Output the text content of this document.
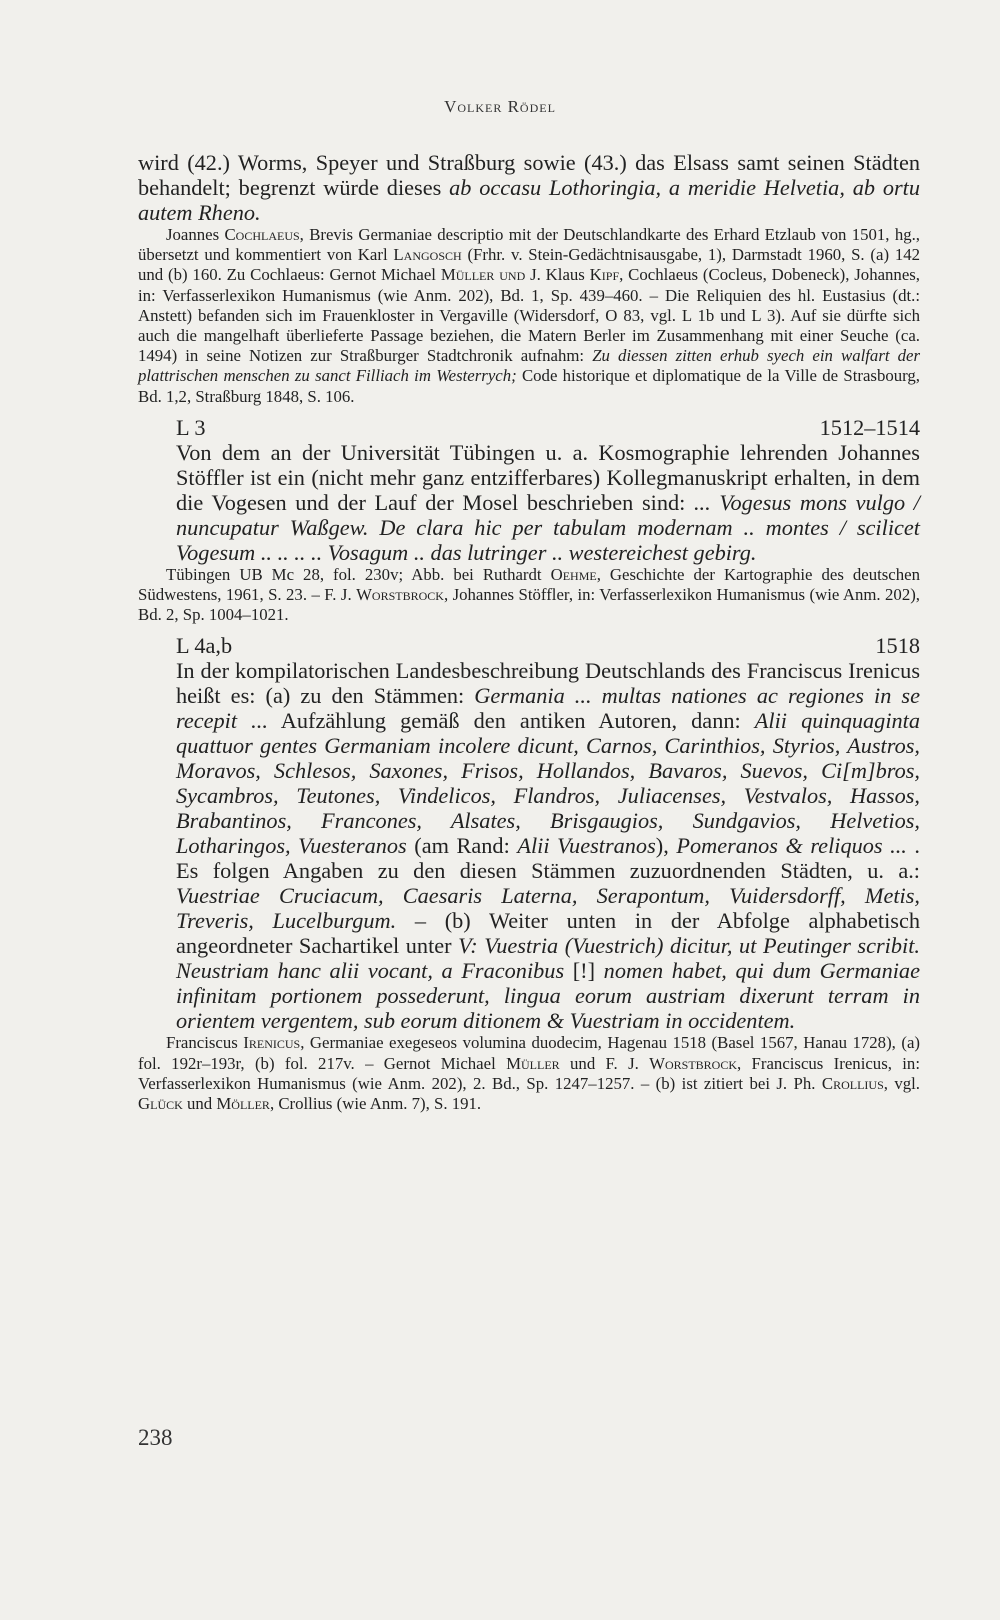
Volker Rödel

wird (42.) Worms, Speyer und Straßburg sowie (43.) das Elsass samt seinen Städten behandelt; begrenzt würde dieses ab occasu Lothoringia, a meridie Helvetia, ab ortu autem Rheno.

Joannes Cochlaeus, Brevis Germaniae descriptio mit der Deutschlandkarte des Erhard Etzlaub von 1501, hg., übersetzt und kommentiert von Karl Langosch (Frhr. v. Stein-Gedächtnisausgabe, 1), Darmstadt 1960, S. (a) 142 und (b) 160. Zu Cochlaeus: Gernot Michael Müller und J. Klaus Kipf, Cochlaeus (Cocleus, Dobeneck), Johannes, in: Verfasserlexikon Humanismus (wie Anm. 202), Bd. 1, Sp. 439–460. – Die Reliquien des hl. Eustasius (dt.: Anstett) befanden sich im Frauenkloster in Vergaville (Widersdorf, O 83, vgl. L 1b und L 3). Auf sie dürfte sich auch die mangelhaft überlieferte Passage beziehen, die Matern Berler im Zusammenhang mit einer Seuche (ca. 1494) in seine Notizen zur Straßburger Stadtchronik aufnahm: Zu diessen zitten erhub syech ein walfart der plattrischen menschen zu sanct Filliach im Westerrych; Code historique et diplomatique de la Ville de Strasbourg, Bd. 1,2, Straßburg 1848, S. 106.

L 3	1512–1514

Von dem an der Universität Tübingen u. a. Kosmographie lehrenden Johannes Stöffler ist ein (nicht mehr ganz entzifferbares) Kollegmanuskript erhalten, in dem die Vogesen und der Lauf der Mosel beschrieben sind: ... Vogesus mons vulgo / nuncupatur Waßgew. De clara hic per tabulam modernam .. montes / scilicet Vogesum .. .. .. .. Vosagum .. das lutringer .. westereichest gebirg.

Tübingen UB Mc 28, fol. 230v; Abb. bei Ruthardt Oehme, Geschichte der Kartographie des deutschen Südwestens, 1961, S. 23. – F. J. Worstbrock, Johannes Stöffler, in: Verfasserlexikon Humanismus (wie Anm. 202), Bd. 2, Sp. 1004–1021.

L 4a,b	1518

In der kompilatorischen Landesbeschreibung Deutschlands des Franciscus Irenicus heißt es: (a) zu den Stämmen: Germania ... multas nationes ac regiones in se recepit ... Aufzählung gemäß den antiken Autoren, dann: Alii quinquaginta quattuor gentes Germaniam incolere dicunt, Carnos, Carinthios, Styrios, Austros, Moravos, Schlesos, Saxones, Frisos, Hollandos, Bavaros, Suevos, Ci[m]bros, Sycambros, Teutones, Vindelicos, Flandros, Juliacenses, Vestvalos, Hassos, Brabantinos, Francones, Alsates, Brisgaugios, Sundgavios, Helvetios, Lotharingos, Vuesteranos (am Rand: Alii Vuestranos), Pomeranos & reliquos ... . Es folgen Angaben zu den diesen Stämmen zuzuordnenden Städten, u. a.: Vuestriae Cruciacum, Caesaris Laterna, Serapontum, Vuidersdorff, Metis, Treveris, Lucelburgum. – (b) Weiter unten in der Abfolge alphabetisch angeordneter Sachartikel unter V: Vuestria (Vuestrich) dicitur, ut Peutinger scribit. Neustriam hanc alii vocant, a Fraconibus [!] nomen habet, qui dum Germaniae infinitam portionem possederunt, lingua eorum austriam dixerunt terram in orientem vergentem, sub eorum ditionem & Vuestriam in occidentem.

Franciscus Irenicus, Germaniae exegeseos volumina duodecim, Hagenau 1518 (Basel 1567, Hanau 1728), (a) fol. 192r–193r, (b) fol. 217v. – Gernot Michael Müller und F. J. Worstbrock, Franciscus Irenicus, in: Verfasserlexikon Humanismus (wie Anm. 202), 2. Bd., Sp. 1247–1257. – (b) ist zitiert bei J. Ph. Crollius, vgl. Glück und Möller, Crollius (wie Anm. 7), S. 191.

238
